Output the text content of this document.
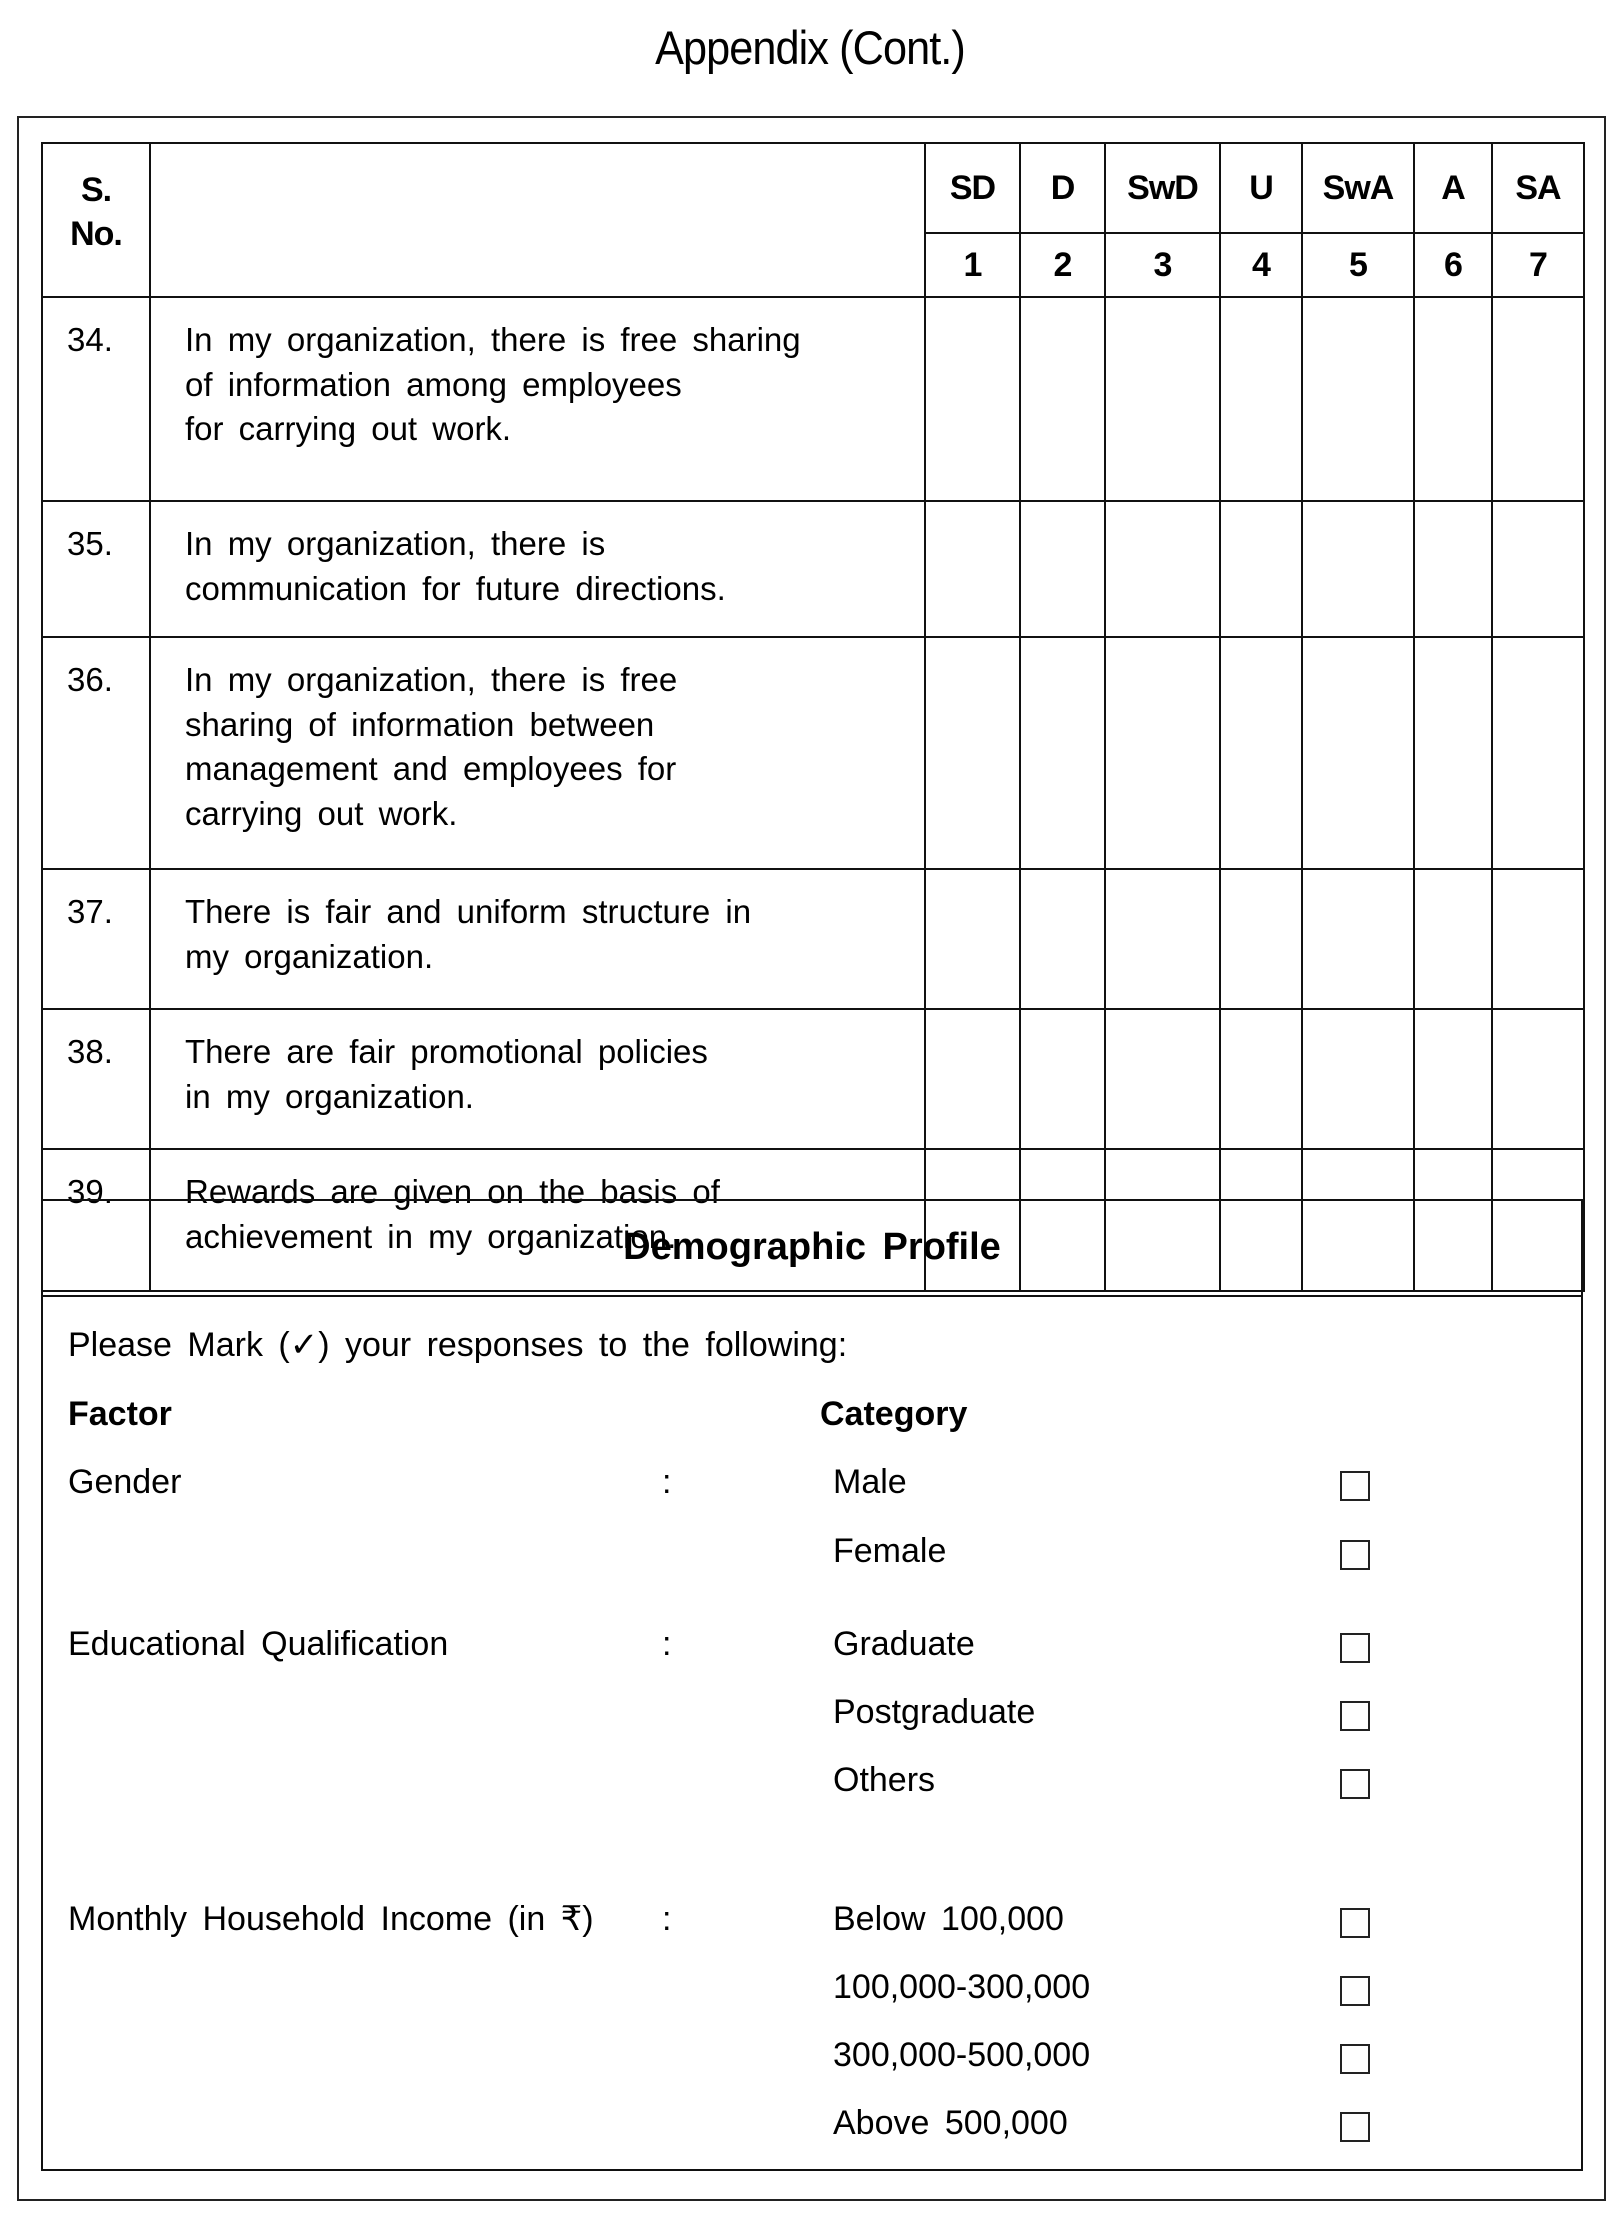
Appendix (Cont.)
S.
No.		SD	D	SwD	U	SwA	A	SA
		1	2	3	4	5	6	7
34.	In my organization, there is free sharing
of information among employees
for carrying out work.							

35.	In my organization, there is
communication for future directions.							

36.	In my organization, there is free
sharing of information between
management and employees for
carrying out work.							

37.	There is fair and uniform structure in
my organization.							

38.	There are fair promotional policies
in my organization.							

39.	Rewards are given on the basis of
achievement in my organization.							

Demographic Profile
Please Mark (✓) your responses to the following:
Factor	Category
Gender	:	Male
Female
Educational Qualification	:	Graduate
Postgraduate
Others
Monthly Household Income (in ₹) :	Below 100,000
100,000-300,000
300,000-500,000
Above 500,000
